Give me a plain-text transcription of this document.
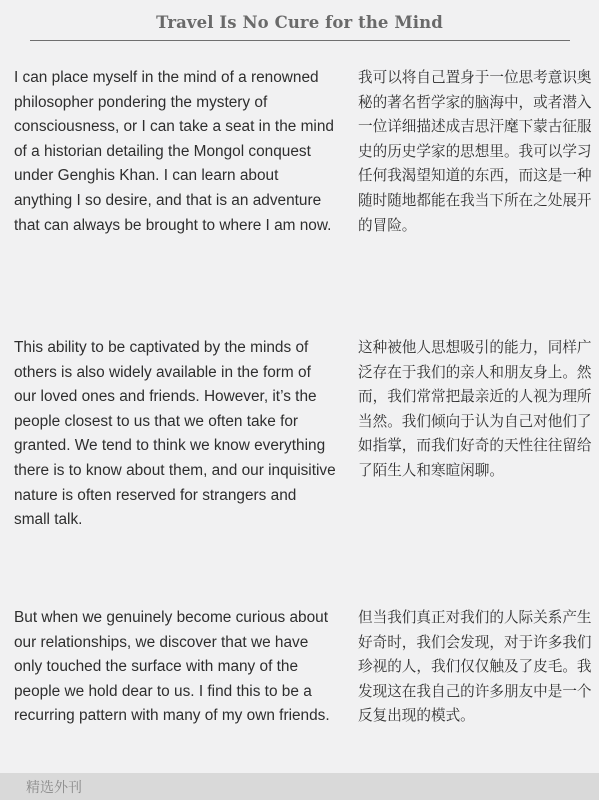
Travel Is No Cure for the Mind

I can place myself in the mind of a renowned philosopher pondering the mystery of consciousness, or I can take a seat in the mind of a historian detailing the Mongol conquest under Genghis Khan. I can learn about anything I so desire, and that is an adventure that can always be brought to where I am now.

我可以将自己置身于一位思考意识奥秘的著名哲学家的脑海中，或者潜入一位详细描述成吉思汗麾下蒙古征服史的历史学家的思想里。我可以学习任何我渴望知道的东西，而这是一种随时随地都能在我当下所在之处展开的冒险。

This ability to be captivated by the minds of others is also widely available in the form of our loved ones and friends. However, it’s the people closest to us that we often take for granted. We tend to think we know everything there is to know about them, and our inquisitive nature is often reserved for strangers and small talk.

这种被他人思想吸引的能力，同样广泛存在于我们的亲人和朋友身上。然而，我们常常把最亲近的人视为理所当然。我们倾向于认为自己对他们了如指掌，而我们好奇的天性往往留给了陌生人和寒暄闲聊。

But when we genuinely become curious about our relationships, we discover that we have only touched the surface with many of the people we hold dear to us. I find this to be a recurring pattern with many of my own friends.

但当我们真正对我们的人际关系产生好奇时，我们会发现，对于许多我们珍视的人，我们仅仅触及了皮毛。我发现这在我自己的许多朋友中是一个反复出现的模式。

精选外刊
